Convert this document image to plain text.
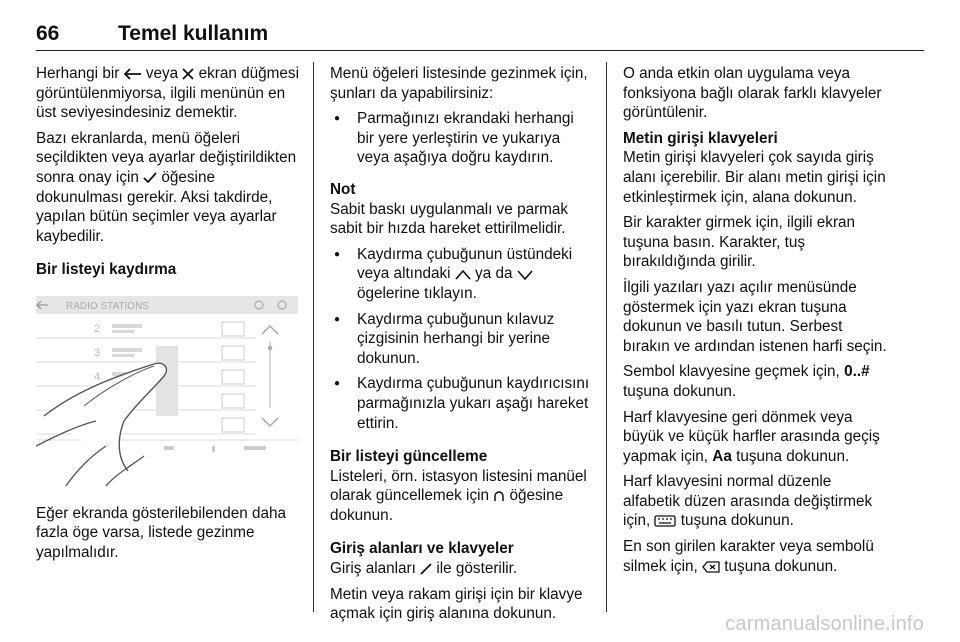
66	Temel kullanım

Herhangi bir veya ekran düğmesi görüntülenmiyorsa, ilgili menünün en üst seviyesindesiniz demektir.

Bazı ekranlarda, menü öğeleri seçildikten veya ayarlar değiştirildikten sonra onay için öğesine dokunulması gerekir. Aksi takdirde, yapılan bütün seçimler veya ayarlar kaybedilir.

Bir listeyi kaydırma
RADIO STATIONS
2
3
4

Eğer ekranda gösterilebilenden daha fazla öge varsa, listede gezinme yapılmalıdır.

Menü öğeleri listesinde gezinmek için, şunları da yapabilirsiniz:

● Parmağınızı ekrandaki herhangi bir yere yerleştirin ve yukarıya veya aşağıya doğru kaydırın.
Not

Sabit baskı uygulanmalı ve parmak sabit bir hızda hareket ettirilmelidir.

● Kaydırma çubuğunun üstündeki veya altındaki ya da  ögelerine tıklayın.
● Kaydırma çubuğunun kılavuz çizgisinin herhangi bir yerine dokunun.
● Kaydırma çubuğunun kaydırıcısını parmağınızla yukarı aşağı hareket ettirin.
Bir listeyi güncelleme

Listeleri, örn. istasyon listesini manüel olarak güncellemek için öğesine dokunun.

Giriş alanları ve klavyeler

Giriş alanları ile gösterilir.

Metin veya rakam girişi için bir klavye açmak için giriş alanına dokunun.

O anda etkin olan uygulama veya fonksiyona bağlı olarak farklı klavyeler görüntülenir.

Metin girişi klavyeleri

Metin girişi klavyeleri çok sayıda giriş alanı içerebilir. Bir alanı metin girişi için etkinleştirmek için, alana dokunun.

Bir karakter girmek için, ilgili ekran tuşuna basın. Karakter, tuş bırakıldığında girilir.

İlgili yazıları yazı açılır menüsünde göstermek için yazı ekran tuşuna dokunun ve basılı tutun. Serbest bırakın ve ardından istenen harfi seçin.

Sembol klavyesine geçmek için, 0..# tuşuna dokunun.

Harf klavyesine geri dönmek veya büyük ve küçük harfler arasında geçiş yapmak için, Aa tuşuna dokunun.

Harf klavyesini normal düzenle alfabetik düzen arasında değiştirmek için, tuşuna dokunun.

En son girilen karakter veya sembolü silmek için, tuşuna dokunun.

carmanualsonline.info
